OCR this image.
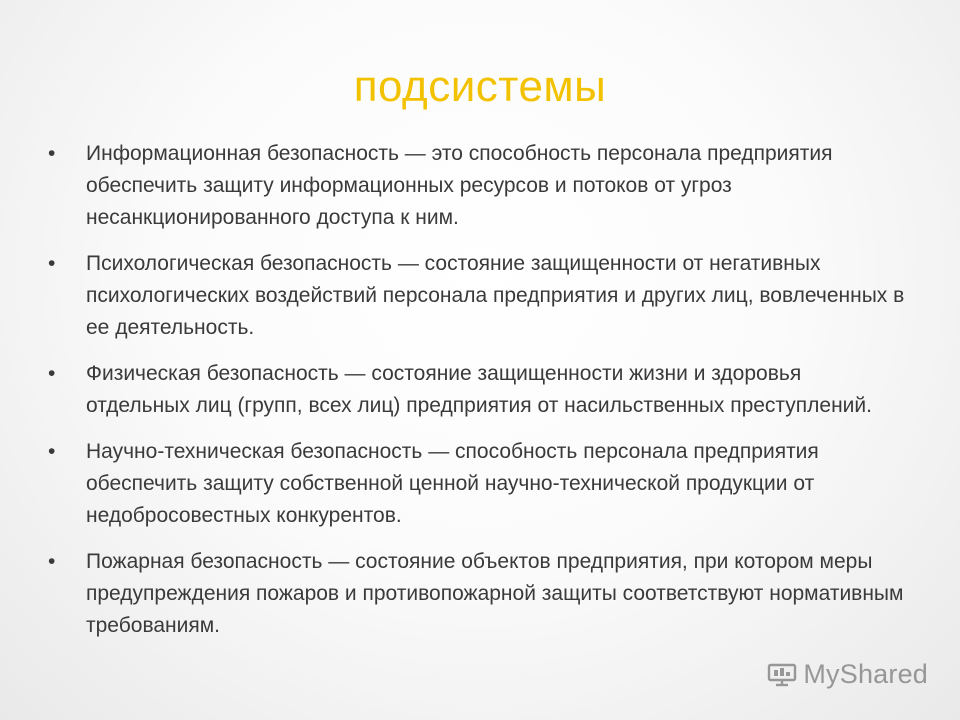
подсистемы
•	Информационная безопасность — это способность персонала предприятия обеспечить защиту информационных ресурсов и потоков от угроз несанкционированного доступа к ним.
•	Психологическая безопасность — состояние защищенности от негативных психологических воздействий персонала предприятия и других лиц, вовлеченных в ее деятельность.
•	Физическая безопасность — состояние защищенности жизни и здоровья отдельных лиц (групп, всех лиц) предприятия от насильственных преступлений.
•	Научно-техническая безопасность — способность персонала предприятия обеспечить защиту собственной ценной научно-технической продукции от недобросовестных конкурентов.
•	Пожарная безопасность — состояние объектов предприятия, при котором меры предупреждения пожаров и противопожарной защиты соответствуют нормативным требованиям.
MyShared
